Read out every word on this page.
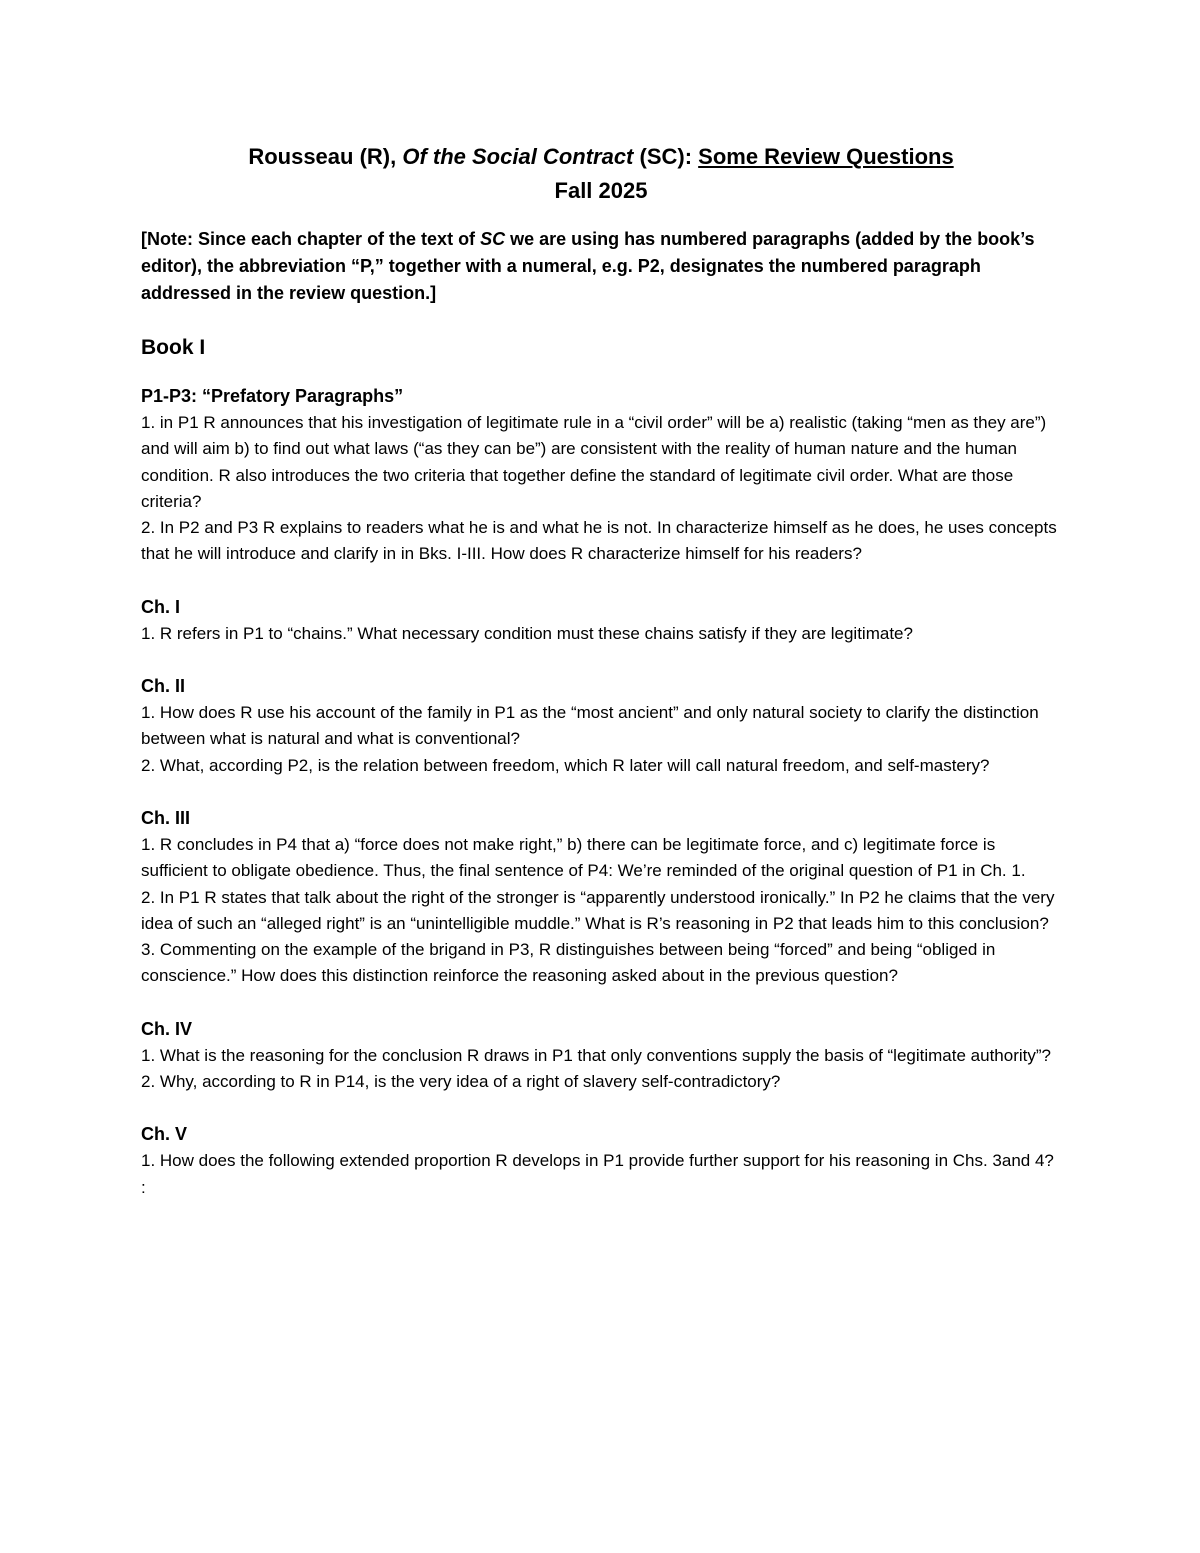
Rousseau (R), Of the Social Contract (SC): Some Review Questions
Fall 2025
[Note: Since each chapter of the text of SC we are using has numbered paragraphs (added by the book’s editor), the abbreviation “P,” together with a numeral, e.g. P2, designates the numbered paragraph addressed in the review question.]
Book I
P1-P3: “Prefatory Paragraphs”
1. in P1 R announces that his investigation of legitimate rule in a “civil order” will be a) realistic (taking “men as they are”) and will aim b) to find out what laws (“as they can be”) are consistent with the reality of human nature and the human condition. R also introduces the two criteria that together define the standard of legitimate civil order. What are those criteria?
2. In P2 and P3 R explains to readers what he is and what he is not. In characterize himself as he does, he uses concepts that he will introduce and clarify in in Bks. I-III. How does R characterize himself for his readers?
Ch. I
1. R refers in P1 to “chains.” What necessary condition must these chains satisfy if they are legitimate?
Ch. II
1. How does R use his account of the family in P1 as the “most ancient” and only natural society to clarify the distinction between what is natural and what is conventional?
2. What, according P2, is the relation between freedom, which R later will call natural freedom, and self-mastery?
Ch. III
1. R concludes in P4 that a) “force does not make right,” b) there can be legitimate force, and c) legitimate force is sufficient to obligate obedience. Thus, the final sentence of P4: We’re reminded of the original question of P1 in Ch. 1.
2. In P1 R states that talk about the right of the stronger is “apparently understood ironically.” In P2 he claims that the very idea of such an “alleged right” is an “unintelligible muddle.” What is R’s reasoning in P2 that leads him to this conclusion?
3. Commenting on the example of the brigand in P3, R distinguishes between being “forced” and being “obliged in conscience.” How does this distinction reinforce the reasoning asked about in the previous question?
Ch. IV
1. What is the reasoning for the conclusion R draws in P1 that only conventions supply the basis of “legitimate authority”?
2. Why, according to R in P14, is the very idea of a right of slavery self-contradictory?
Ch. V
1. How does the following extended proportion R develops in P1 provide further support for his reasoning in Chs. 3and 4? :
